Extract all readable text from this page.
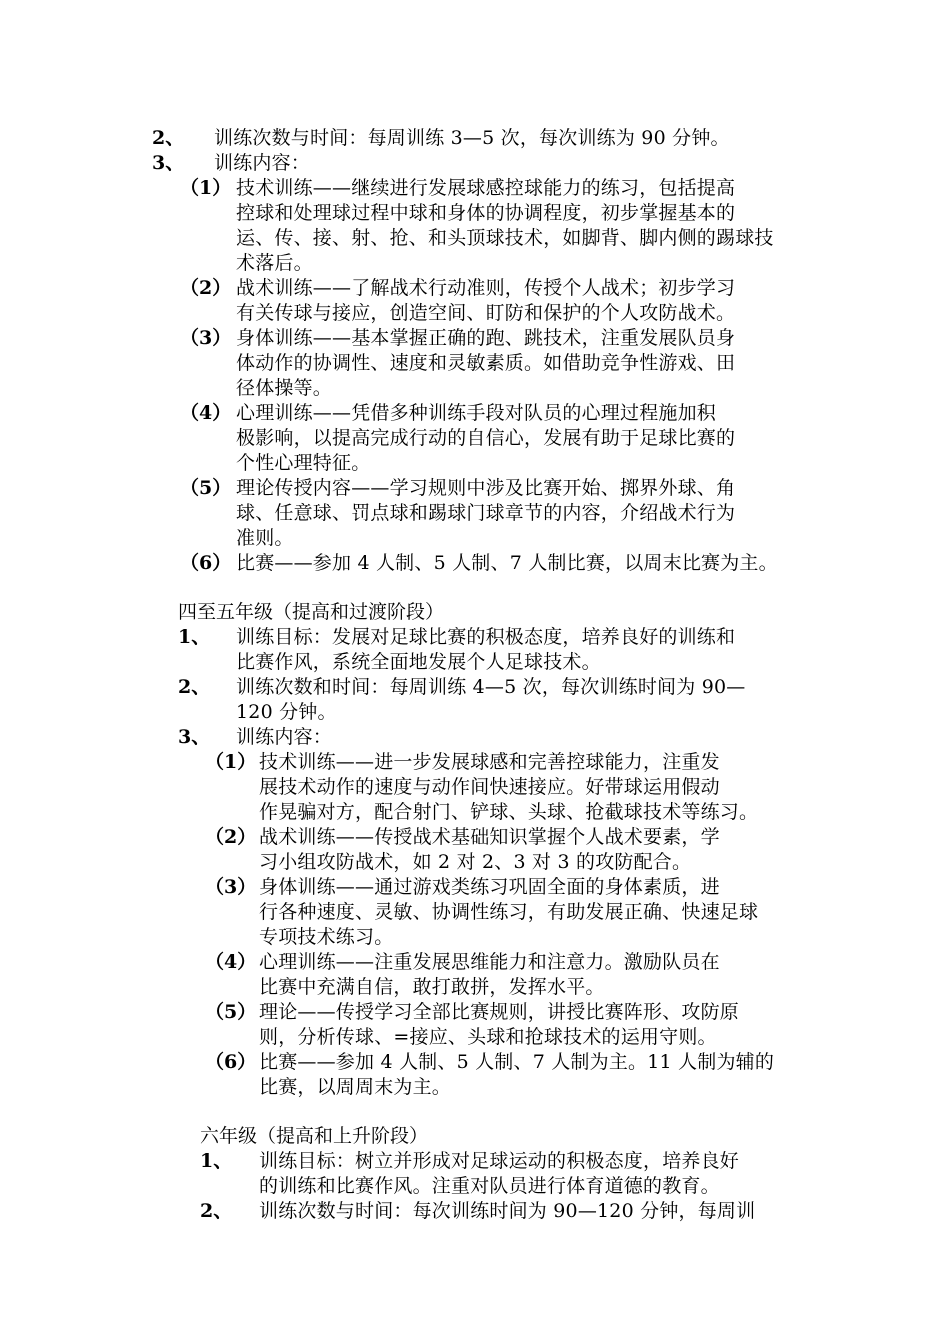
2、 训练次数与时间：每周训练 3—5 次，每次训练为 90 分钟。
3、 训练内容：
（1） 技术训练——继续进行发展球感控球能力的练习，包括提高
控球和处理球过程中球和身体的协调程度，初步掌握基本的
运、传、接、射、抢、和头顶球技术，如脚背、脚内侧的踢球技
术落后。
（2） 战术训练——了解战术行动准则，传授个人战术；初步学习
有关传球与接应，创造空间、盯防和保护的个人攻防战术。
（3） 身体训练——基本掌握正确的跑、跳技术，注重发展队员身
体动作的协调性、速度和灵敏素质。如借助竞争性游戏、田
径体操等。
（4） 心理训练——凭借多种训练手段对队员的心理过程施加积
极影响，以提高完成行动的自信心，发展有助于足球比赛的
个性心理特征。
（5） 理论传授内容——学习规则中涉及比赛开始、掷界外球、角
球、任意球、罚点球和踢球门球章节的内容，介绍战术行为
准则。
（6） 比赛——参加 4 人制、5 人制、7 人制比赛，以周末比赛为主。
四至五年级（提高和过渡阶段）
1、 训练目标：发展对足球比赛的积极态度，培养良好的训练和
比赛作风，系统全面地发展个人足球技术。
2、 训练次数和时间：每周训练 4—5 次，每次训练时间为 90—
120 分钟。
3、 训练内容：
（1） 技术训练——进一步发展球感和完善控球能力，注重发
展技术动作的速度与动作间快速接应。好带球运用假动
作晃骗对方，配合射门、铲球、头球、抢截球技术等练习。
（2） 战术训练——传授战术基础知识掌握个人战术要素，学
习小组攻防战术，如 2 对 2、3 对 3 的攻防配合。
（3） 身体训练——通过游戏类练习巩固全面的身体素质，进
行各种速度、灵敏、协调性练习，有助发展正确、快速足球
专项技术练习。
（4） 心理训练——注重发展思维能力和注意力。激励队员在
比赛中充满自信，敢打敢拼，发挥水平。
（5） 理论——传授学习全部比赛规则，讲授比赛阵形、攻防原
则，分析传球、=接应、头球和抢球技术的运用守则。
（6） 比赛——参加 4 人制、5 人制、7 人制为主。11 人制为辅的
比赛，以周周末为主。
六年级（提高和上升阶段）
1、 训练目标：树立并形成对足球运动的积极态度，培养良好
的训练和比赛作风。注重对队员进行体育道德的教育。
2、 训练次数与时间：每次训练时间为 90—120 分钟，每周训
